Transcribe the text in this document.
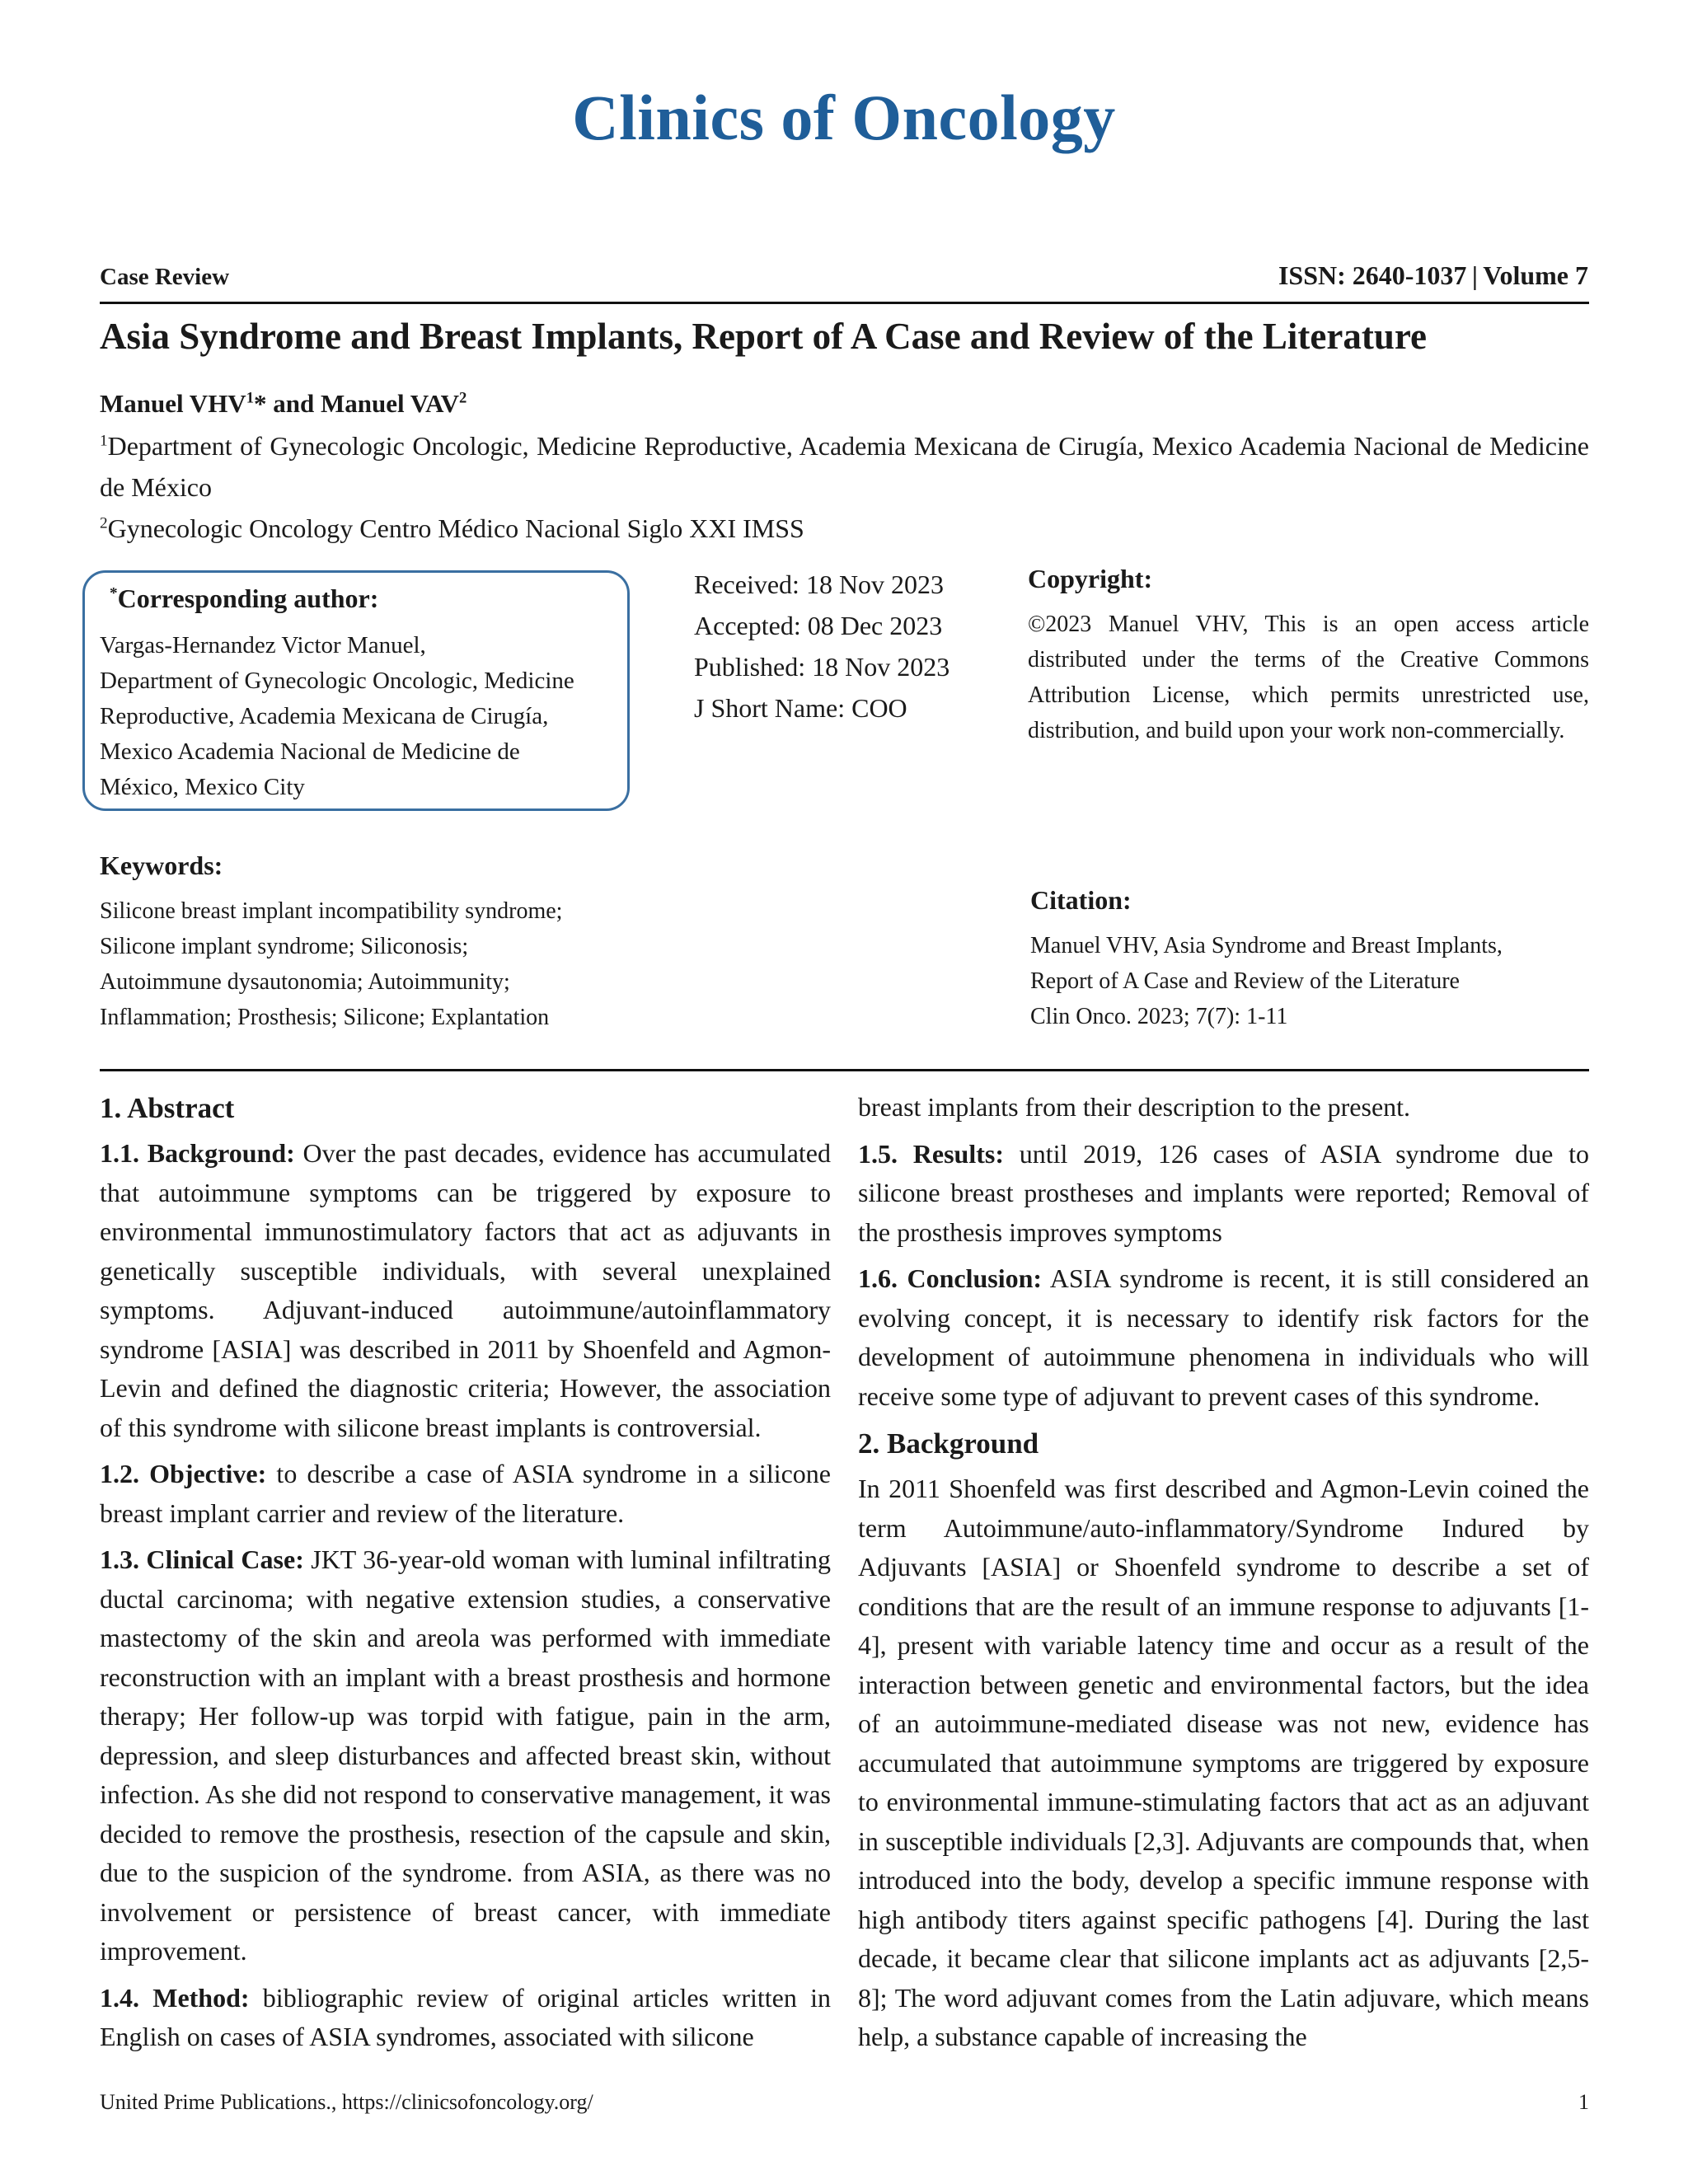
Clinics of Oncology
Case Review	ISSN: 2640-1037 | Volume 7
Asia Syndrome and Breast Implants, Report of A Case and Review of the Literature
Manuel VHV$^1$* and Manuel VAV$^2$
$^1$Department of Gynecologic Oncologic, Medicine Reproductive, Academia Mexicana de Cirugía, Mexico Academia Nacional de Medicine de México
$^2$Gynecologic Oncology Centro Médico Nacional Siglo XXI IMSS
*Corresponding author:
Vargas-Hernandez Victor Manuel,
Department of Gynecologic Oncologic, Medicine
Reproductive, Academia Mexicana de Cirugía,
Mexico Academia Nacional de Medicine de
México, Mexico City
Received: 18 Nov 2023
Accepted: 08 Dec 2023
Published: 18 Nov 2023
J Short Name: COO
Copyright:
©2023 Manuel VHV, This is an open access article distributed under the terms of the Creative Commons Attribution License, which permits unrestricted use, distribution, and build upon your work non-commercially.
Keywords:
Silicone breast implant incompatibility syndrome;
Silicone implant syndrome; Siliconosis;
Autoimmune dysautonomia; Autoimmunity;
Inflammation; Prosthesis; Silicone; Explantation
Citation:
Manuel VHV, Asia Syndrome and Breast Implants,
Report of A Case and Review of the Literature
Clin Onco. 2023; 7(7): 1-11
1. Abstract

1.1. Background: Over the past decades, evidence has accumulated that autoimmune symptoms can be triggered by exposure to environmental immunostimulatory factors that act as adjuvants in genetically susceptible individuals, with several unexplained symptoms. Adjuvant-induced autoimmune/autoinflammatory syndrome [ASIA] was described in 2011 by Shoenfeld and Agmon-Levin and defined the diagnostic criteria; However, the association of this syndrome with silicone breast implants is controversial.

1.2. Objective: to describe a case of ASIA syndrome in a silicone breast implant carrier and review of the literature.

1.3. Clinical Case: JKT 36-year-old woman with luminal infiltrating ductal carcinoma; with negative extension studies, a conservative mastectomy of the skin and areola was performed with immediate reconstruction with an implant with a breast prosthesis and hormone therapy; Her follow-up was torpid with fatigue, pain in the arm, depression, and sleep disturbances and affected breast skin, without infection. As she did not respond to conservative management, it was decided to remove the prosthesis, resection of the capsule and skin, due to the suspicion of the syndrome. from ASIA, as there was no involvement or persistence of breast cancer, with immediate improvement.

1.4. Method: bibliographic review of original articles written in English on cases of ASIA syndromes, associated with silicone

breast implants from their description to the present.

1.5. Results: until 2019, 126 cases of ASIA syndrome due to silicone breast prostheses and implants were reported; Removal of the prosthesis improves symptoms

1.6. Conclusion: ASIA syndrome is recent, it is still considered an evolving concept, it is necessary to identify risk factors for the development of autoimmune phenomena in individuals who will receive some type of adjuvant to prevent cases of this syndrome.

2. Background

In 2011 Shoenfeld was first described and Agmon-Levin coined the term Autoimmune/auto-inflammatory/Syndrome Indured by Adjuvants [ASIA] or Shoenfeld syndrome to describe a set of conditions that are the result of an immune response to adjuvants [1-4], present with variable latency time and occur as a result of the interaction between genetic and environmental factors, but the idea of an autoimmune-mediated disease was not new, evidence has accumulated that autoimmune symptoms are triggered by exposure to environmental immune-stimulating factors that act as an adjuvant in susceptible individuals [2,3]. Adjuvants are compounds that, when introduced into the body, develop a specific immune response with high antibody titers against specific pathogens [4]. During the last decade, it became clear that silicone implants act as adjuvants [2,5-8]; The word adjuvant comes from the Latin adjuvare, which means help, a substance capable of increasing the

United Prime Publications., https://clinicsofoncology.org/	1
